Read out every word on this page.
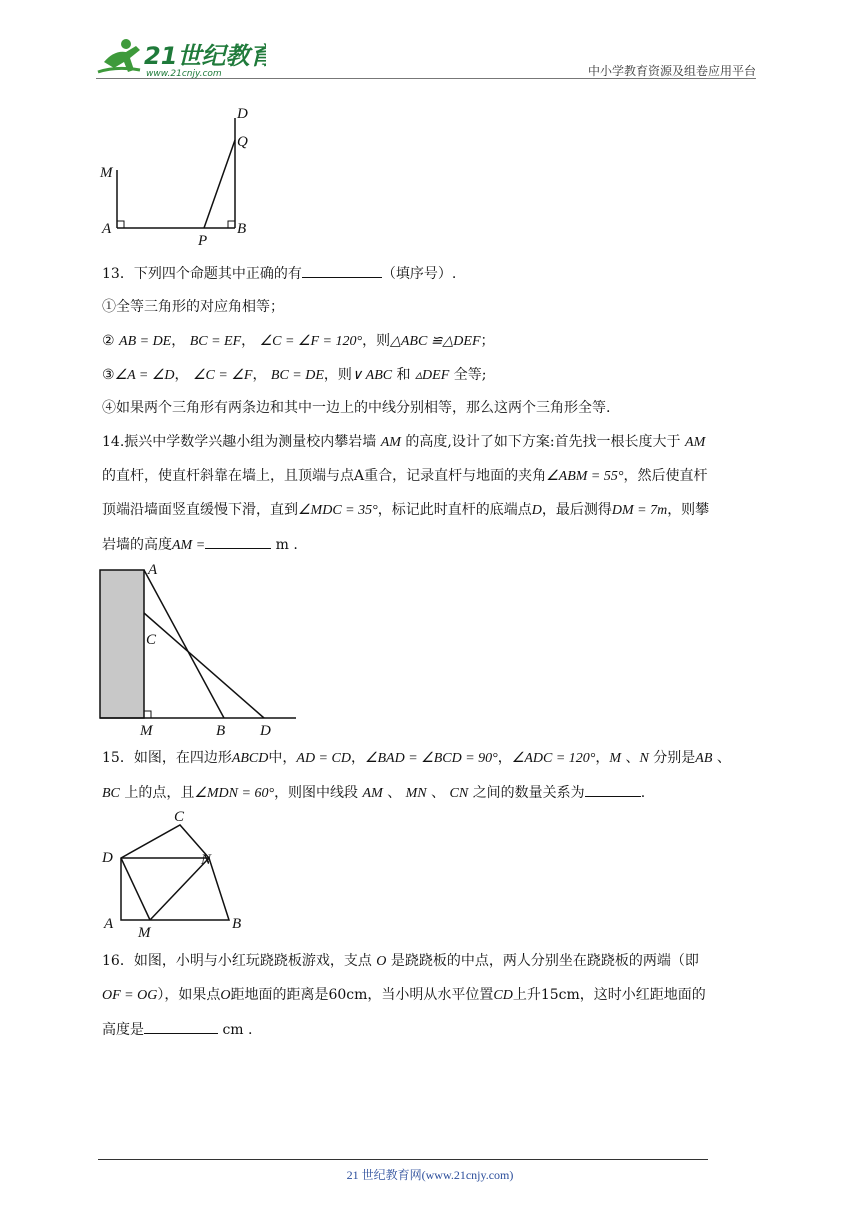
21世纪教育
www.21cnjy.com	中小学教育资源及组卷应用平台
D
Q
M
A
P
B
13．下列四个命题其中正确的有	（填序号）.
①全等三角形的对应角相等；
② AB = DE， BC = EF， ∠C = ∠F = 120°，则△ABC ≌△DEF；
③∠A = ∠D， ∠C = ∠F， BC = DE，则∨ ABC 和 ▵DEF 全等;
④如果两个三角形有两条边和其中一边上的中线分别相等，那么这两个三角形全等.
14.振兴中学数学兴趣小组为测量校内攀岩墙 AM 的高度,设计了如下方案:首先找一根长度大于 AM
的直杆，使直杆斜靠在墙上，且顶端与点A重合，记录直杆与地面的夹角∠ABM = 55°，然后使直杆
顶端沿墙面竖直缓慢下滑，直到∠MDC = 35°，标记此时直杆的底端点D，最后测得DM = 7m，则攀
岩墙的高度AM =	m .
A
C
M	B D
15．如图，在四边形ABCD中，AD = CD，∠BAD = ∠BCD = 90°，∠ADC = 120°，M 、N 分别是AB 、
BC 上的点，且∠MDN = 60°，则图中线段 AM 、 MN 、 CN 之间的数量关系为	.
C
D	N
A
M
B
16．如图，小明与小红玩跷跷板游戏，支点 O 是跷跷板的中点，两人分别坐在跷跷板的两端（即
OF = OG），如果点O距地面的距离是60cm，当小明从水平位置CD上升15cm，这时小红距地面的
高度是	cm .
21 世纪教育网(www.21cnjy.com)
